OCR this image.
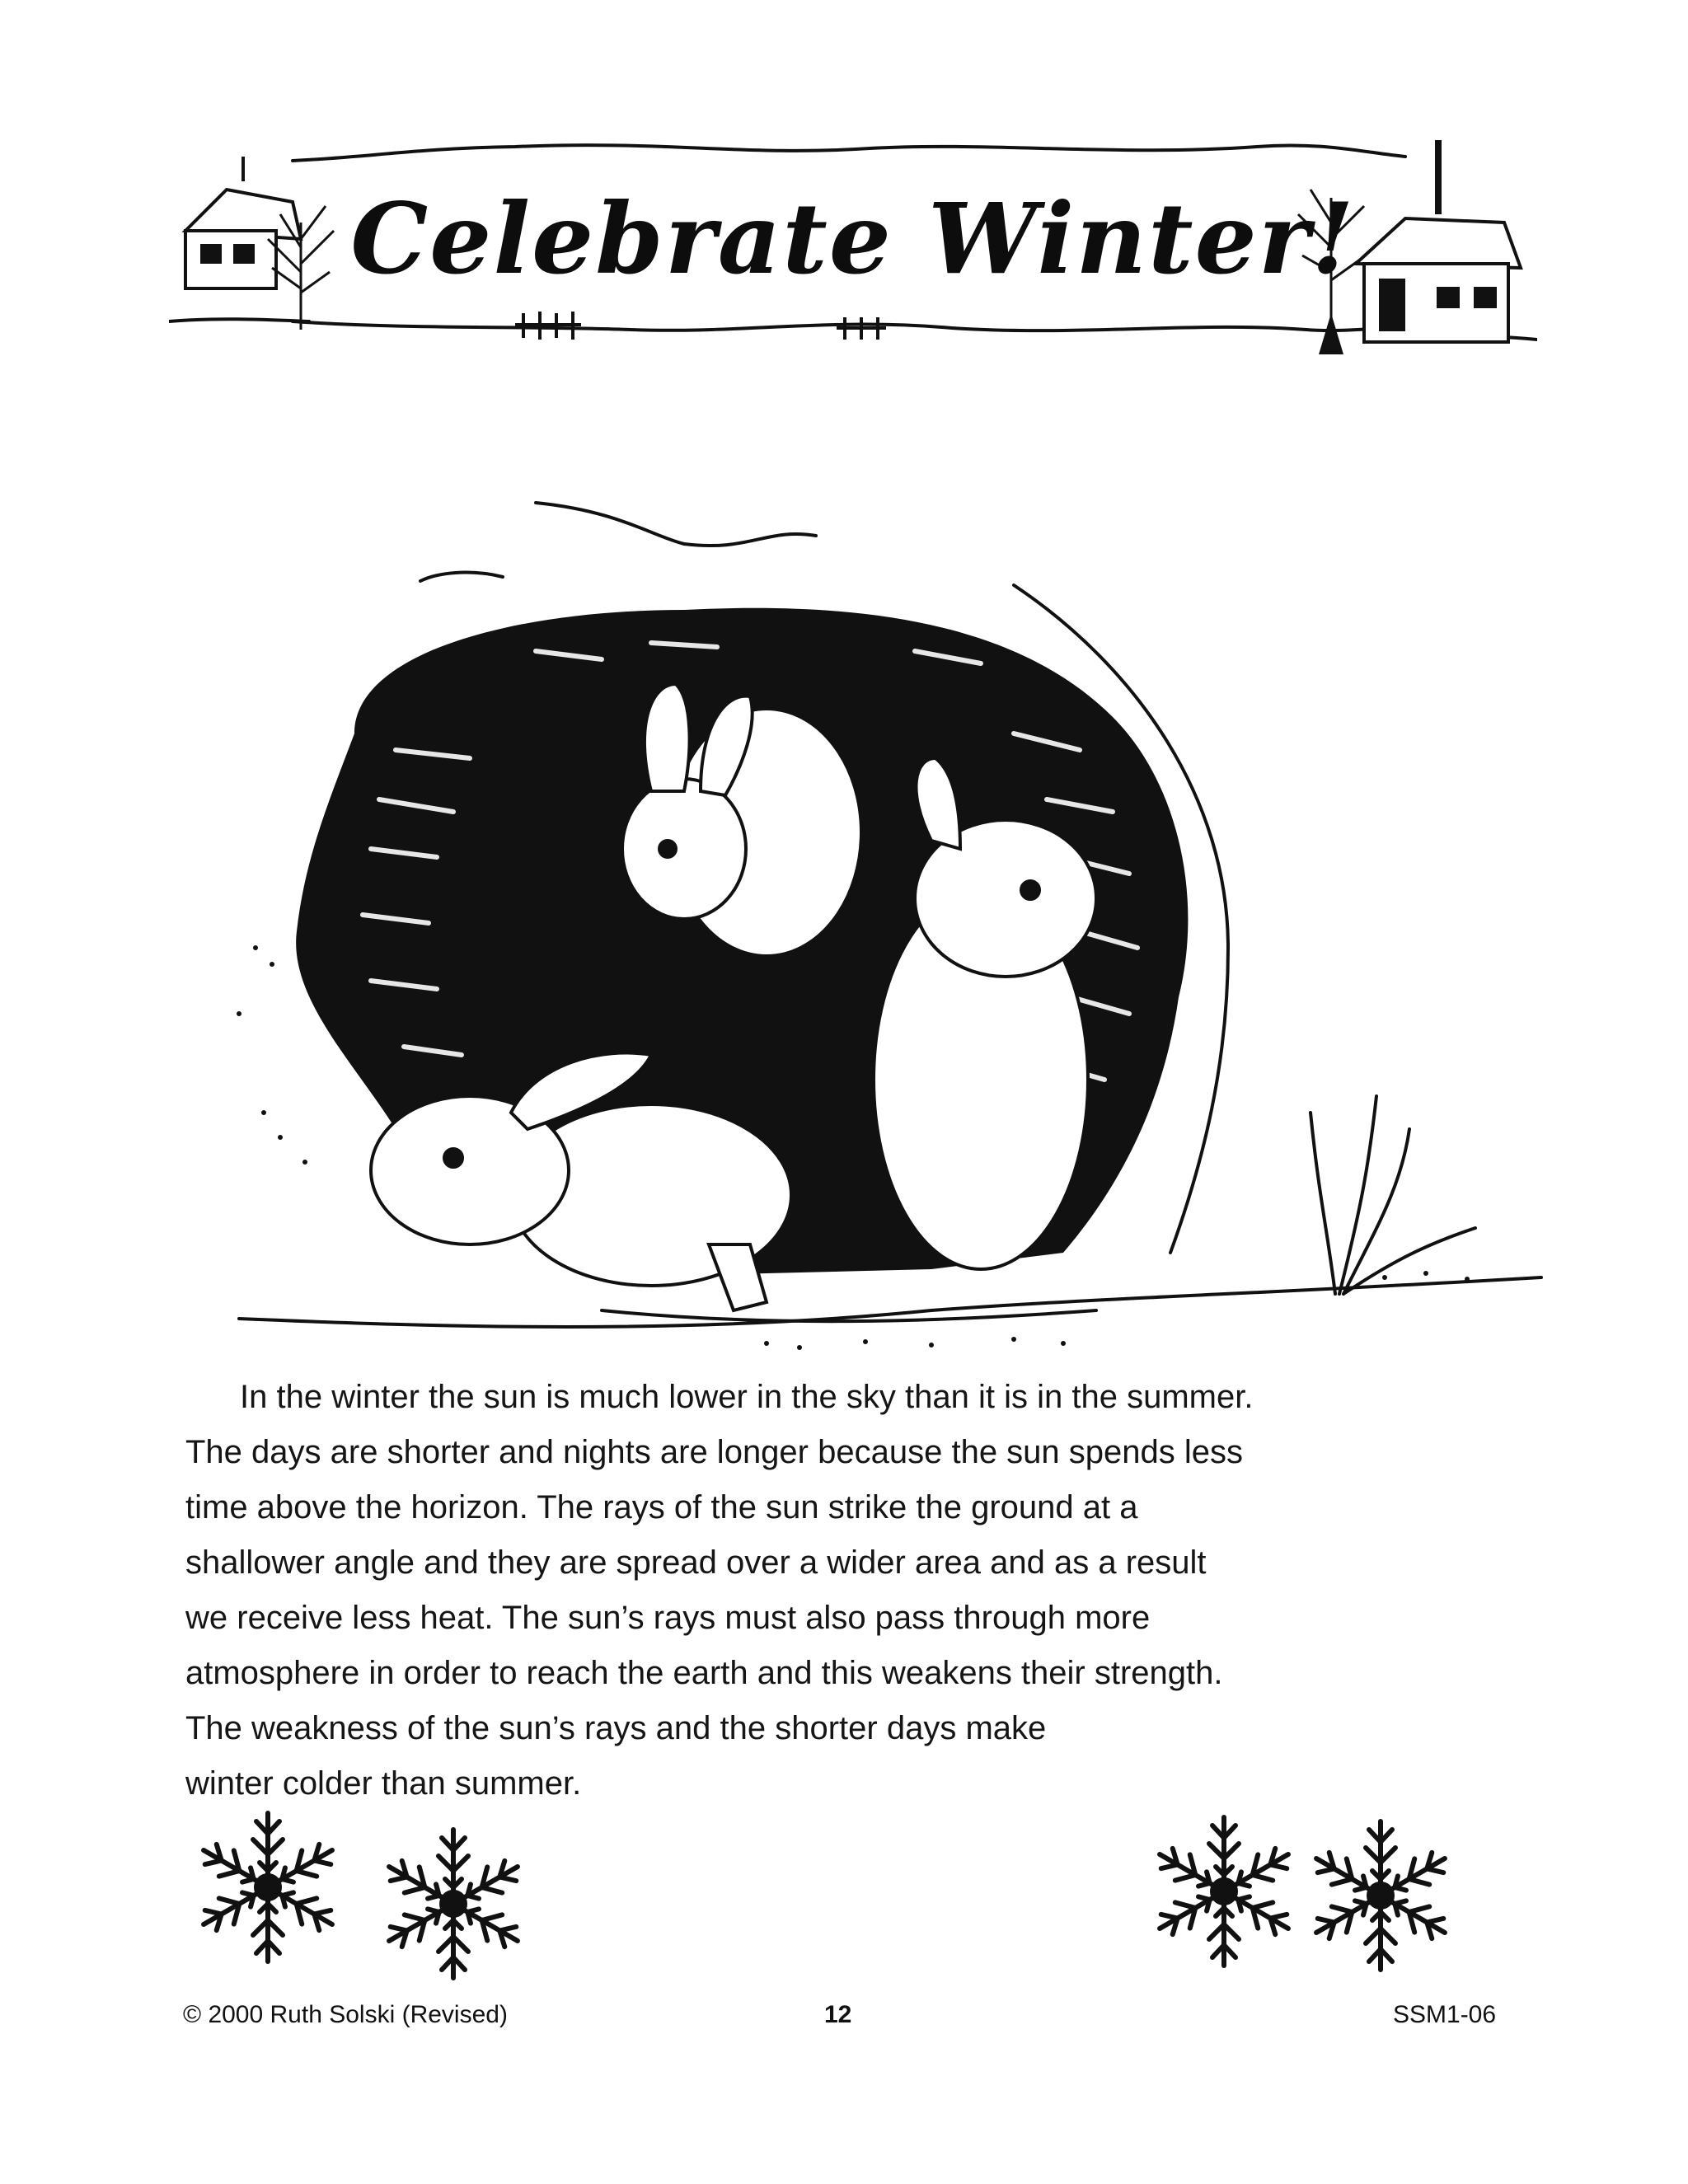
Celebrate Winter!

In the winter the sun is much lower in the sky than it is in the summer.

The days are shorter and nights are longer because the sun spends less

time above the horizon. The rays of the sun strike the ground at a

shallower angle and they are spread over a wider area and as a result

we receive less heat. The sun’s rays must also pass through more

atmosphere in order to reach the earth and this weakens their strength.

The weakness of the sun’s rays and the shorter days make

winter colder than summer.

© 2000 Ruth Solski (Revised)	12	SSM1-06
